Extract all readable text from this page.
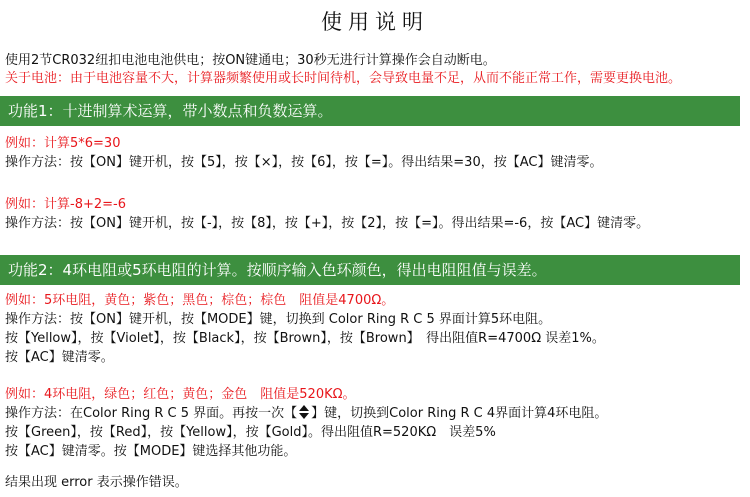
使用说明
使用2节CR032纽扣电池电池供电；按ON键通电；30秒无进行计算操作会自动断电。
关于电池：由于电池容量不大，计算器频繁使用或长时间待机，会导致电量不足，从而不能正常工作，需要更换电池。
功能1：十进制算术运算，带小数点和负数运算。
例如：计算5*6=30
操作方法：按【ON】键开机，按【5】，按【×】，按【6】，按【=】。得出结果=30，按【AC】键清零。
例如：计算-8+2=-6
操作方法：按【ON】键开机，按【-】，按【8】，按【+】，按【2】，按【=】。得出结果=-6，按【AC】键清零。
功能2：4环电阻或5环电阻的计算。按顺序输入色环颜色，得出电阻阻值与误差。
例如：5环电阻，黄色；紫色；黑色；棕色；棕色　阻值是4700Ω。
操作方法：按【ON】键开机，按【MODE】键，切换到 Color Ring R C 5 界面计算5环电阻。
按【Yellow】，按【Violet】，按【Black】，按【Brown】，按【Brown】　得出阻值R=4700Ω 误差1%。
按【AC】键清零。
例如：4环电阻，绿色；红色；黄色；金色　阻值是520KΩ。
操作方法：在Color Ring R C 5 界面。再按一次【 】键，切换到Color Ring R C 4界面计算4环电阻。
按【Green】，按【Red】，按【Yellow】，按【Gold】。得出阻值R=520KΩ　误差5%
按【AC】键清零。按【MODE】键选择其他功能。
结果出现 error 表示操作错误。
